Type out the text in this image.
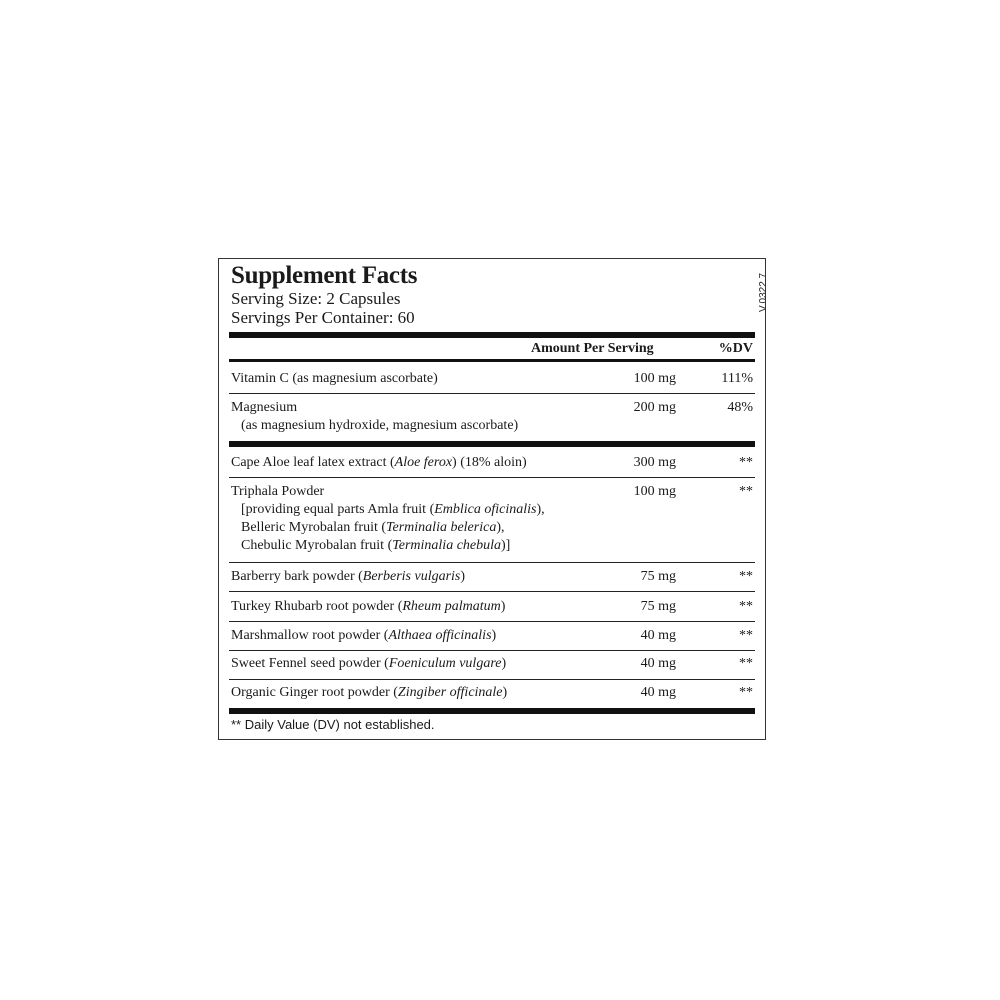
V.0322.7
Supplement Facts
Serving Size: 2 Capsules
Servings Per Container: 60
Amount Per Serving	%DV
Vitamin C (as magnesium ascorbate)	100 mg	111%
Magnesium	200 mg	48%
(as magnesium hydroxide, magnesium ascorbate)
Cape Aloe leaf latex extract (Aloe ferox) (18% aloin)	300 mg	**
Triphala Powder	100 mg	**
[providing equal parts Amla fruit (Emblica oficinalis),
Belleric Myrobalan fruit (Terminalia belerica),
Chebulic Myrobalan fruit (Terminalia chebula)]
Barberry bark powder (Berberis vulgaris)	75 mg	**
Turkey Rhubarb root powder (Rheum palmatum)	75 mg	**
Marshmallow root powder (Althaea officinalis)	40 mg	**
Sweet Fennel seed powder (Foeniculum vulgare)	40 mg	**
Organic Ginger root powder (Zingiber officinale)	40 mg	**
** Daily Value (DV) not established.
